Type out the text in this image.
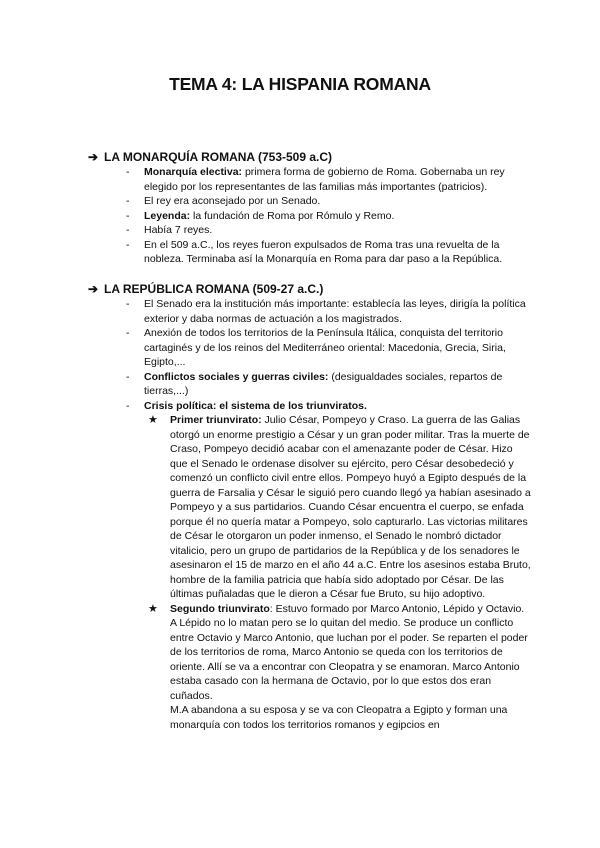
TEMA 4: LA HISPANIA ROMANA
➔ LA MONARQUÍA ROMANA (753-509 a.C)
- Monarquía electiva: primera forma de gobierno de Roma. Gobernaba un rey elegido por los representantes de las familias más importantes (patricios).
- El rey era aconsejado por un Senado.
- Leyenda: la fundación de Roma por Rómulo y Remo.
- Había 7 reyes.
- En el 509 a.C., los reyes fueron expulsados de Roma tras una revuelta de la nobleza. Terminaba así la Monarquía en Roma para dar paso a la República.
➔ LA REPÚBLICA ROMANA (509-27 a.C.)
- El Senado era la institución más importante: establecía las leyes, dirigía la política exterior y daba normas de actuación a los magistrados.
- Anexión de todos los territorios de la Península Itálica, conquista del territorio cartaginés y de los reinos del Mediterráneo oriental: Macedonia, Grecia, Siria, Egipto,...
- Conflictos sociales y guerras civiles: (desigualdades sociales, repartos de tierras,...)
- Crisis política: el sistema de los triunviratos.
★ Primer triunvirato: Julio César, Pompeyo y Craso. La guerra de las Galias otorgó un enorme prestigio a César y un gran poder militar. Tras la muerte de Craso, Pompeyo decidió acabar con el amenazante poder de César. Hizo que el Senado le ordenase disolver su ejército, pero César desobedeció y comenzó un conflicto civil entre ellos. Pompeyo huyó a Egipto después de la guerra de Farsalia y César le siguió pero cuando llegó ya habían asesinado a Pompeyo y a sus partidarios. Cuando César encuentra el cuerpo, se enfada porque él no quería matar a Pompeyo, solo capturarlo. Las victorias militares de César le otorgaron un poder inmenso, el Senado le nombró dictador vitalicio, pero un grupo de partidarios de la República y de los senadores le asesinaron el 15 de marzo en el año 44 a.C. Entre los asesinos estaba Bruto, hombre de la familia patricia que había sido adoptado por César. De las últimas puñaladas que le dieron a César fue Bruto, su hijo adoptivo.
★ Segundo triunvirato: Estuvo formado por Marco Antonio, Lépido y Octavio. A Lépido no lo matan pero se lo quitan del medio. Se produce un conflicto entre Octavio y Marco Antonio, que luchan por el poder. Se reparten el poder de los territorios de roma, Marco Antonio se queda con los territorios de oriente. Allí se va a encontrar con Cleopatra y se enamoran. Marco Antonio estaba casado con la hermana de Octavio, por lo que estos dos eran cuñados.
M.A abandona a su esposa y se va con Cleopatra a Egipto y forman una monarquía con todos los territorios romanos y egipcios en
